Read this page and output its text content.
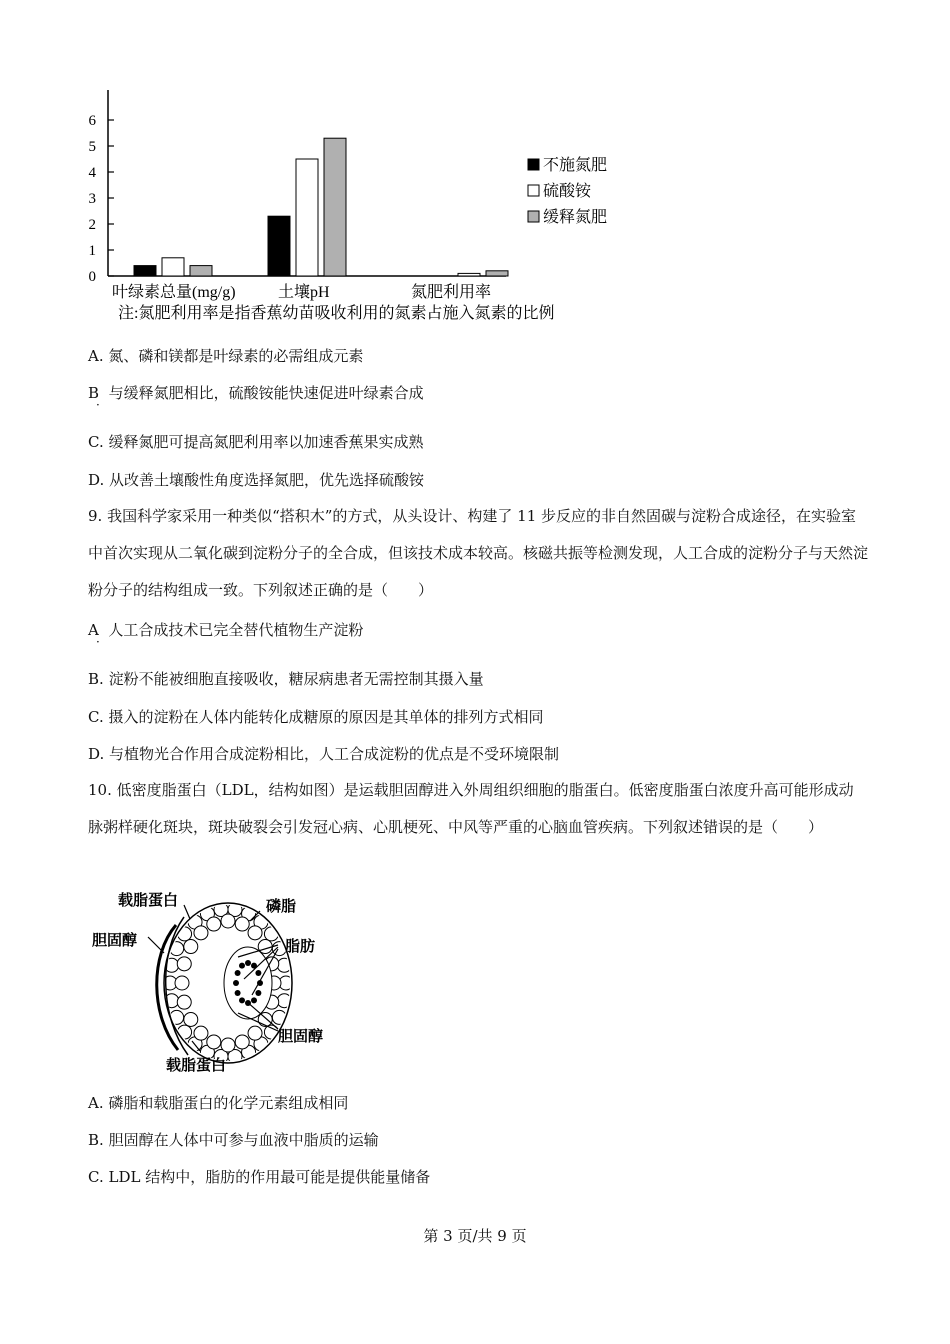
0
1
2
3
4
5
6
叶绿素总量(mg/g)	土壤pH	氮肥利用率
不施氮肥
硫酸铵
缓释氮肥
注:氮肥利用率是指香蕉幼苗吸收利用的氮素占施入氮素的比例
A. 氮、磷和镁都是叶绿素的必需组成元素
B 与缓释氮肥相比，硫酸铵能快速促进叶绿素合成
·
C. 缓释氮肥可提高氮肥利用率以加速香蕉果实成熟
D. 从改善土壤酸性角度选择氮肥，优先选择硫酸铵
9. 我国科学家采用一种类似“搭积木”的方式，从头设计、构建了 11 步反应的非自然固碳与淀粉合成途径，在实验室中首次实现从二氧化碳到淀粉分子的全合成，但该技术成本较高。核磁共振等检测发现，人工合成的淀粉分子与天然淀粉分子的结构组成一致。下列叙述正确的是（　　）
A 人工合成技术已完全替代植物生产淀粉
·
B. 淀粉不能被细胞直接吸收，糖尿病患者无需控制其摄入量
C. 摄入的淀粉在人体内能转化成糖原的原因是其单体的排列方式相同
D. 与植物光合作用合成淀粉相比，人工合成淀粉的优点是不受环境限制
10. 低密度脂蛋白（LDL，结构如图）是运载胆固醇进入外周组织细胞的脂蛋白。低密度脂蛋白浓度升高可能形成动脉粥样硬化斑块，斑块破裂会引发冠心病、心肌梗死、中风等严重的心脑血管疾病。下列叙述错误的是（　　）
载脂蛋白	磷脂
胆固醇	脂肪
胆固醇
载脂蛋白
A. 磷脂和载脂蛋白的化学元素组成相同
B. 胆固醇在人体中可参与血液中脂质的运输
C. LDL 结构中，脂肪的作用最可能是提供能量储备
第 3 页/共 9 页
